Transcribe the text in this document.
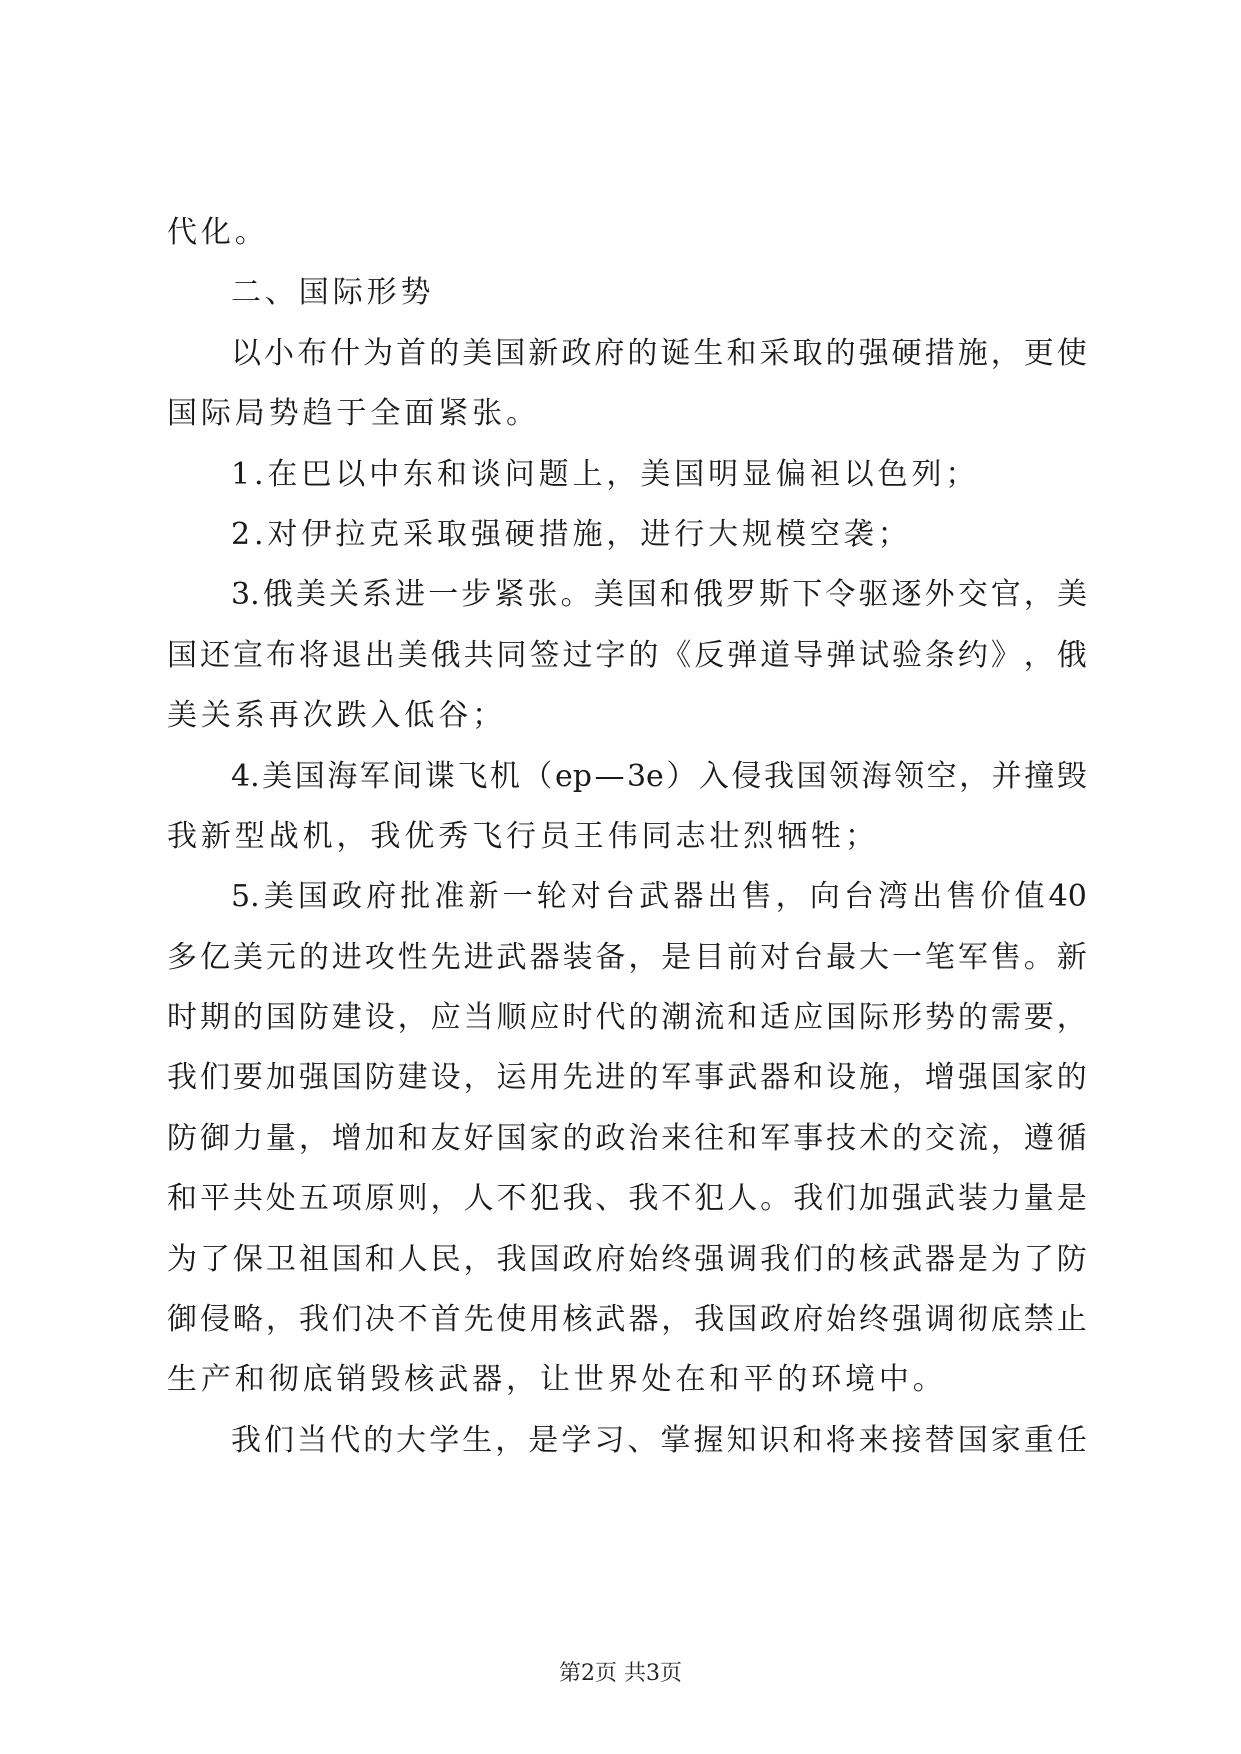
代化。
二、国际形势
以 小 布 什 为 首 的 美 国 新 政 府 的 诞 生 和 采 取 的 强 硬 措 施 ， 更 使
国际局势趋于全面紧张。
1.在巴以中东和谈问题上，美国明显偏袒以色列；
2.对伊拉克采取强硬措施，进行大规模空袭；
3. 俄 美 关 系 进 一 步 紧 张 。 美 国 和 俄 罗 斯 下 令 驱 逐 外 交 官 ， 美
国 还 宣 布 将 退 出 美 俄 共 同 签 过 字 的 《 反 弹 道 导 弹 试 验 条 约 》 ， 俄
美关系再次跌入低谷；
4. 美 国 海 军 间 谍 飞 机 （ ep — 3e ） 入 侵 我 国 领 海 领 空 ， 并 撞 毁
我新型战机，我优秀飞行员王伟同志壮烈牺牲；
5. 美 国 政 府 批 准 新 一 轮 对 台 武 器 出 售 ， 向 台 湾 出 售 价 值 40
多 亿 美 元 的 进 攻 性 先 进 武 器 装 备 ， 是 目 前 对 台 最 大 一 笔 军 售 。 新
时 期 的 国 防 建 设 ， 应 当 顺 应 时 代 的 潮 流 和 适 应 国 际 形 势 的 需 要 ，
我 们 要 加 强 国 防 建 设 ， 运 用 先 进 的 军 事 武 器 和 设 施 ， 增 强 国 家 的
防 御 力 量 ， 增 加 和 友 好 国 家 的 政 治 来 往 和 军 事 技 术 的 交 流 ， 遵 循
和 平 共 处 五 项 原 则 ， 人 不 犯 我 、 我 不 犯 人 。 我 们 加 强 武 装 力 量 是
为 了 保 卫 祖 国 和 人 民 ， 我 国 政 府 始 终 强 调 我 们 的 核 武 器 是 为 了 防
御 侵 略 ， 我 们 决 不 首 先 使 用 核 武 器 ， 我 国 政 府 始 终 强 调 彻 底 禁 止
生产和彻底销毁核武器，让世界处在和平的环境中。
我 们 当 代 的 大 学 生 ， 是 学 习 、 掌 握 知 识 和 将 来 接 替 国 家 重 任
第2页 共3页
